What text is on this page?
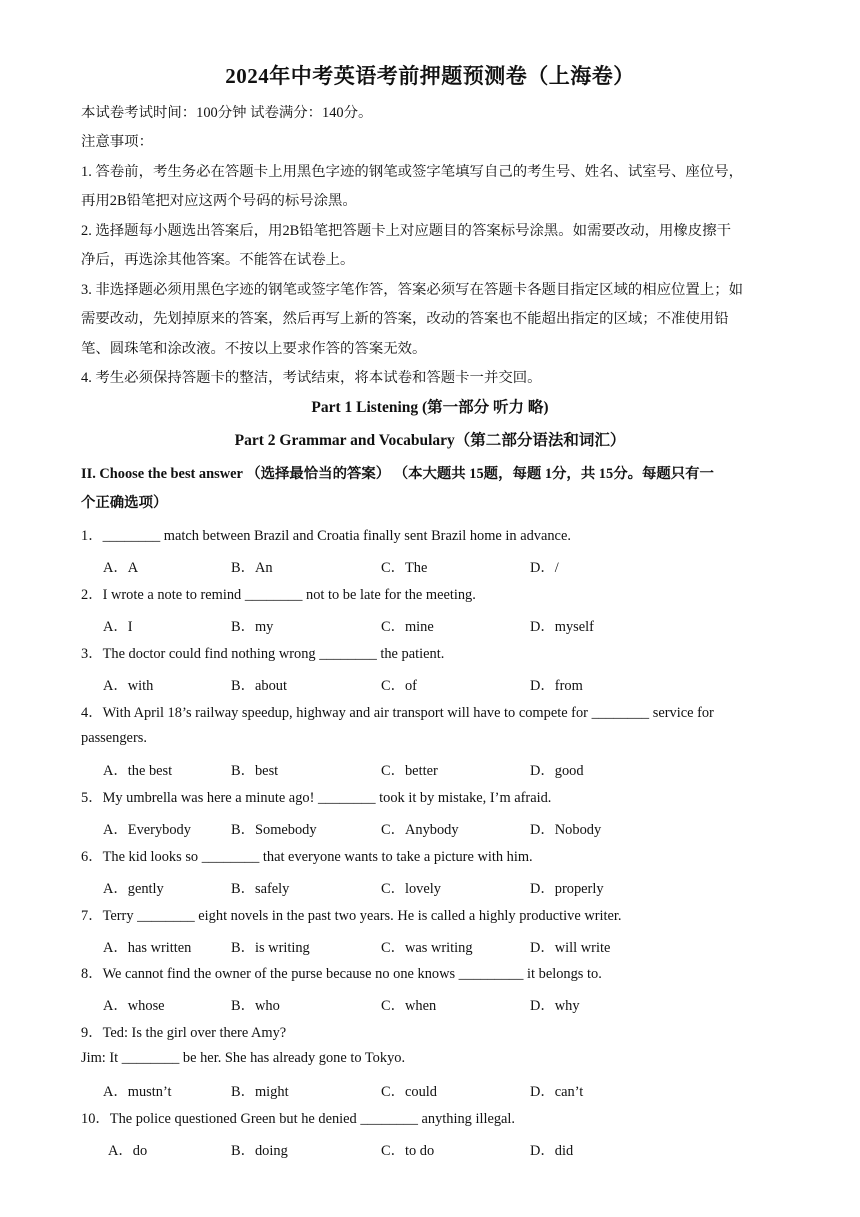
2024年中考英语考前押题预测卷（上海卷）
本试卷考试时间：100分钟 试卷满分：140分。
注意事项：
1. 答卷前，考生务必在答题卡上用黑色字迹的钢笔或签字笔填写自己的考生号、姓名、试室号、座位号，
再用2B铅笔把对应这两个号码的标号涂黑。
2. 选择题每小题选出答案后，用2B铅笔把答题卡上对应题目的答案标号涂黑。如需要改动，用橡皮擦干
净后，再选涂其他答案。不能答在试卷上。
3. 非选择题必须用黑色字迹的钢笔或签字笔作答，答案必须写在答题卡各题目指定区域的相应位置上；如
需要改动，先划掉原来的答案，然后再写上新的答案，改动的答案也不能超出指定的区域；不准使用铅
笔、圆珠笔和涂改液。不按以上要求作答的答案无效。
4. 考生必须保持答题卡的整洁，考试结束，将本试卷和答题卡一并交回。
Part 1 Listening (第一部分 听力 略)
Part 2 Grammar and Vocabulary（第二部分语法和词汇）
II. Choose the best answer （选择最恰当的答案） （本大题共 15题，每题 1分，共 15分。每题只有一
个正确选项）
1．________ match between Brazil and Croatia finally sent Brazil home in advance.
A．A	B．An	C．The	D．/
2．I wrote a note to remind ________ not to be late for the meeting.
A．I	B．my	C．mine	D．myself
3．The doctor could find nothing wrong ________ the patient.
A．with	B．about	C．of	D．from
4．With April 18’s railway speedup, highway and air transport will have to compete for ________ service for
passengers.
A．the best	B．best	C．better	D．good
5．My umbrella was here a minute ago! ________ took it by mistake, I’m afraid.
A．Everybody	B．Somebody	C．Anybody	D．Nobody
6．The kid looks so ________ that everyone wants to take a picture with him.
A．gently	B．safely	C．lovely	D．properly
7．Terry ________ eight novels in the past two years. He is called a highly productive writer.
A．has written	B．is writing	C．was writing	D．will write
8．We cannot find the owner of the purse because no one knows _________ it belongs to.
A．whose	B．who	C．when	D．why
9．Ted: Is the girl over there Amy?
Jim: It ________ be her. She has already gone to Tokyo.
A．mustn’t	B．might	C．could	D．can’t
10．The police questioned Green but he denied ________ anything illegal.
A．do	B．doing	C．to do	D．did
